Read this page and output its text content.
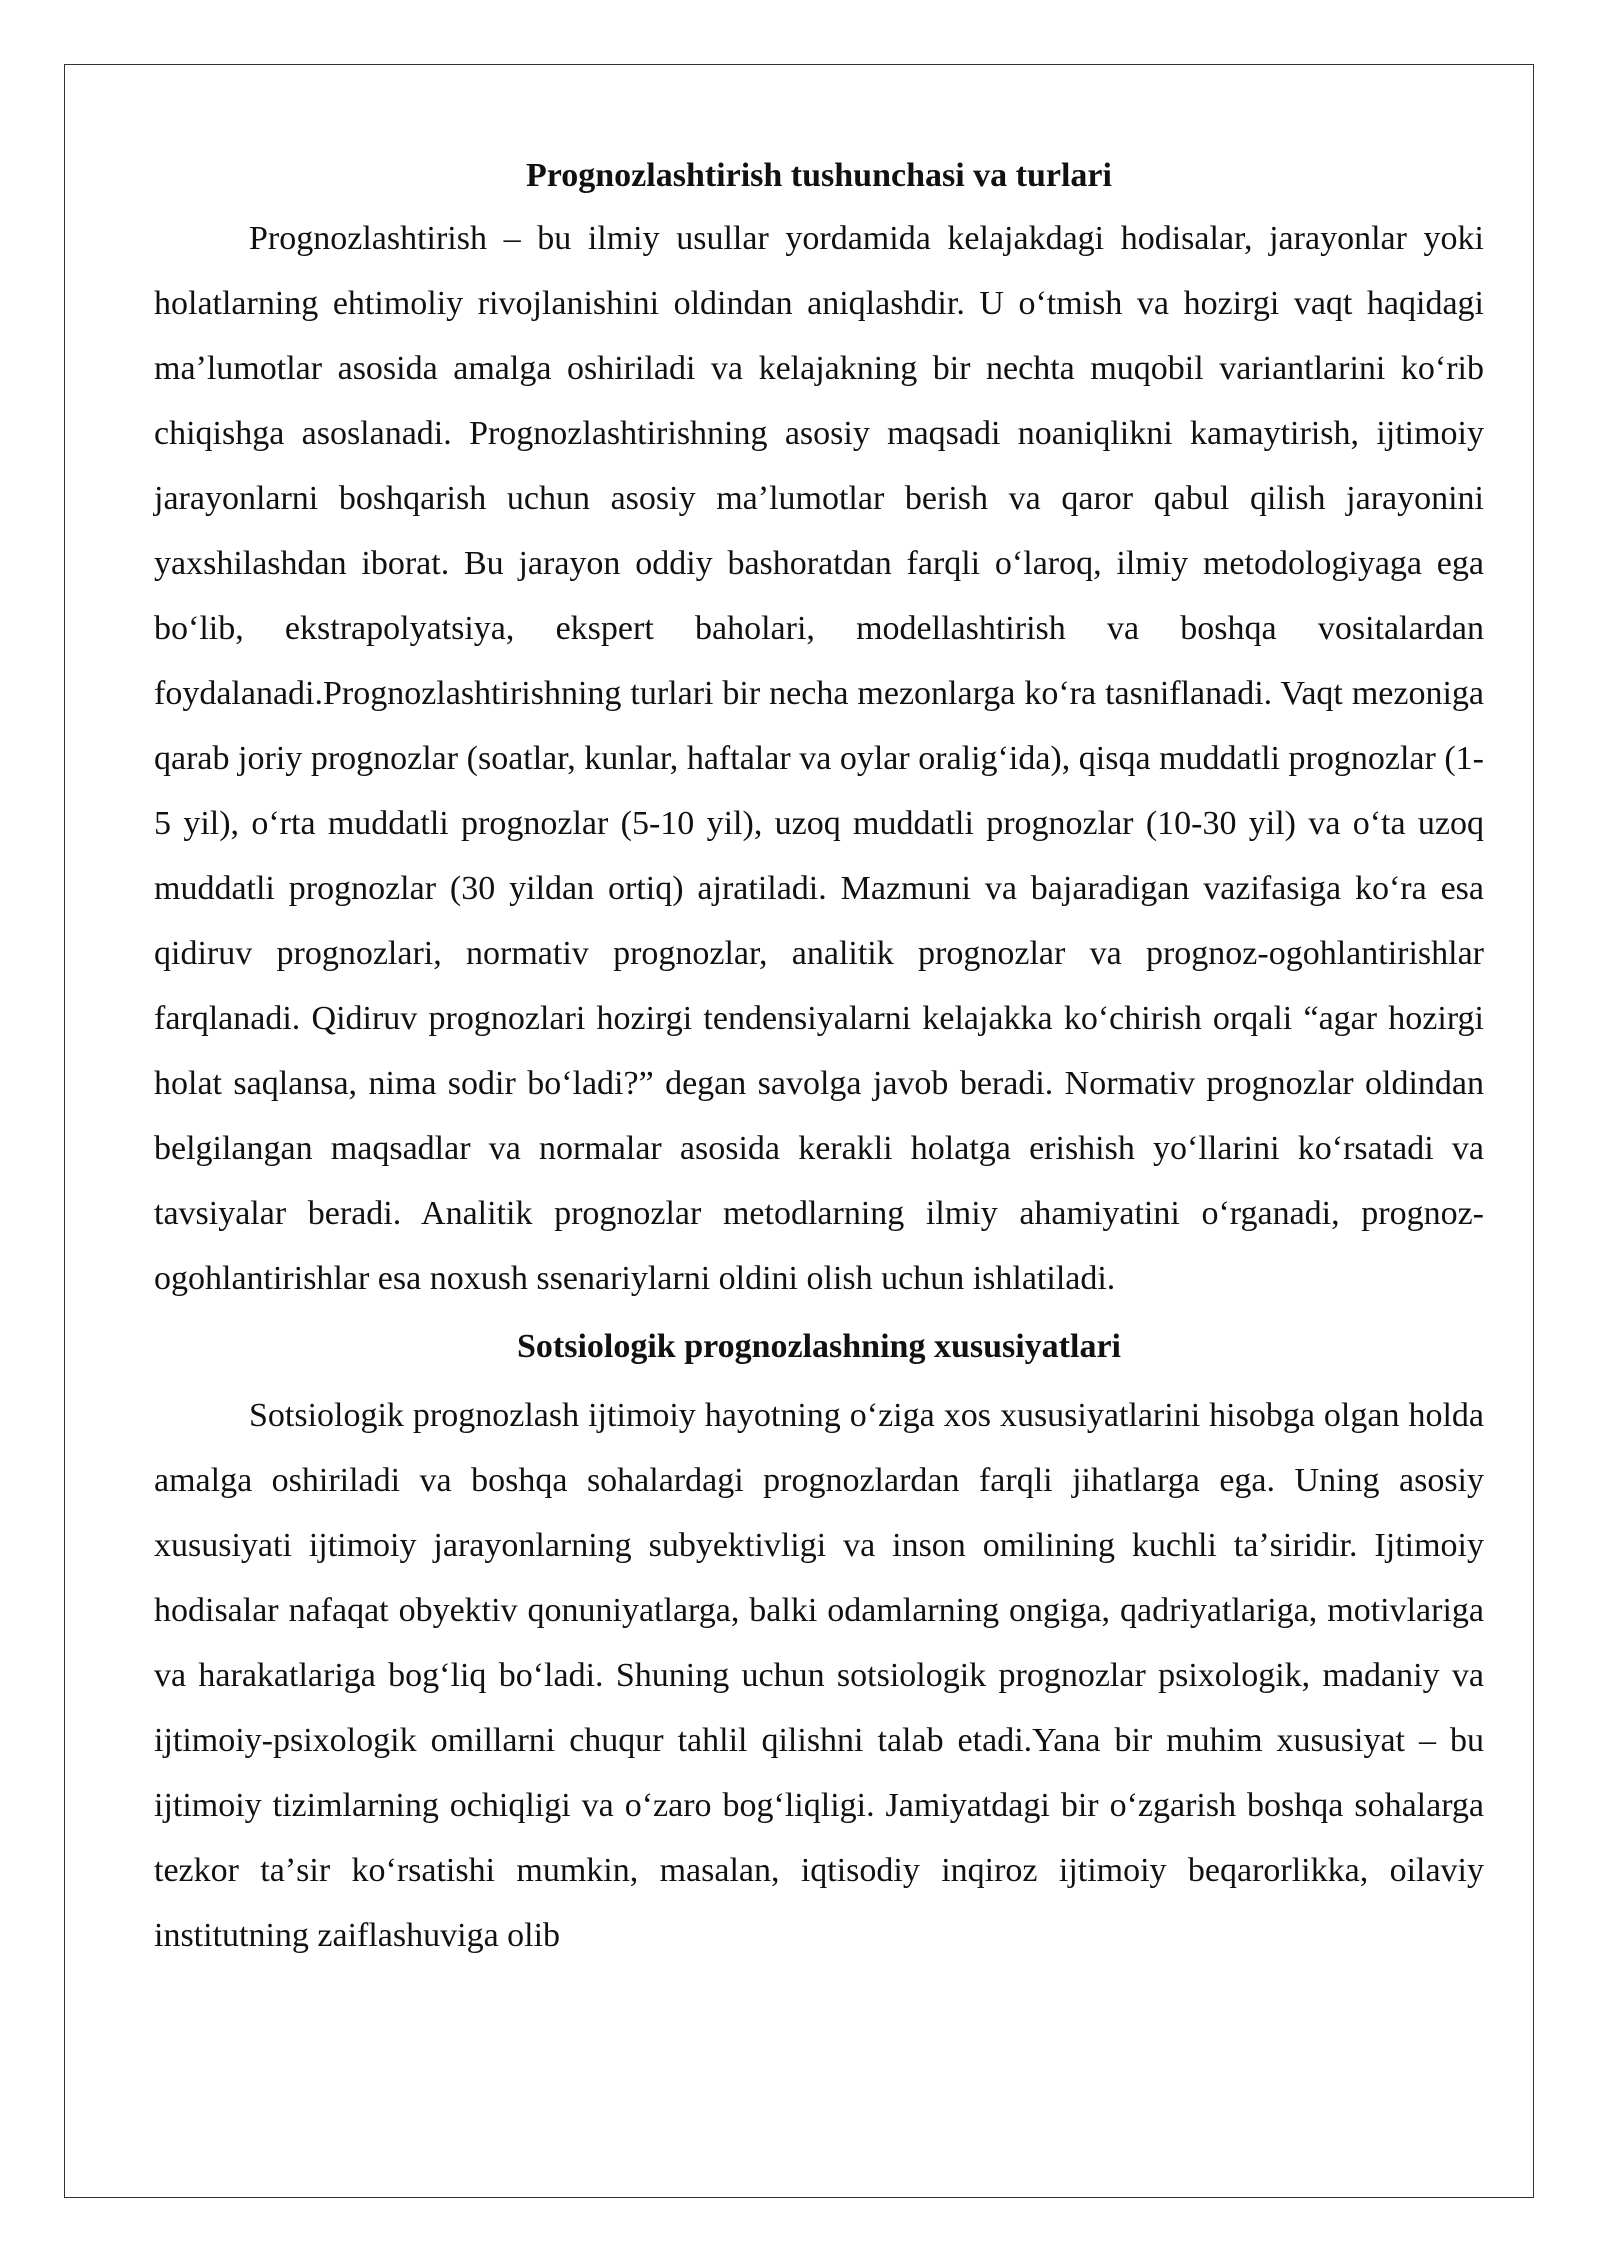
Prognozlashtirish tushunchasi va turlari

Prognozlashtirish – bu ilmiy usullar yordamida kelajakdagi hodisalar, jarayonlar yoki holatlarning ehtimoliy rivojlanishini oldindan aniqlashdir. U oʻtmish va hozirgi vaqt haqidagi maʼlumotlar asosida amalga oshiriladi va kelajakning bir nechta muqobil variantlarini koʻrib chiqishga asoslanadi. Prognozlashtirishning asosiy maqsadi noaniqlikni kamaytirish, ijtimoiy jarayonlarni boshqarish uchun asosiy maʼlumotlar berish va qaror qabul qilish jarayonini yaxshilashdan iborat. Bu jarayon oddiy bashoratdan farqli oʻlaroq, ilmiy metodologiyaga ega boʻlib, ekstrapolyatsiya, ekspert baholari, modellashtirish va boshqa vositalardan foydalanadi.Prognozlashtirishning turlari bir necha mezonlarga koʻra tasniflanadi. Vaqt mezoniga qarab joriy prognozlar (soatlar, kunlar, haftalar va oylar oraligʻida), qisqa muddatli prognozlar (1-5 yil), oʻrta muddatli prognozlar (5-10 yil), uzoq muddatli prognozlar (10-30 yil) va oʻta uzoq muddatli prognozlar (30 yildan ortiq) ajratiladi. Mazmuni va bajaradigan vazifasiga koʻra esa qidiruv prognozlari, normativ prognozlar, analitik prognozlar va prognoz-ogohlantirishlar farqlanadi. Qidiruv prognozlari hozirgi tendensiyalarni kelajakka koʻchirish orqali “agar hozirgi holat saqlansa, nima sodir boʻladi?” degan savolga javob beradi. Normativ prognozlar oldindan belgilangan maqsadlar va normalar asosida kerakli holatga erishish yoʻllarini koʻrsatadi va tavsiyalar beradi. Analitik prognozlar metodlarning ilmiy ahamiyatini oʻrganadi, prognoz-ogohlantirishlar esa noxush ssenariylarni oldini olish uchun ishlatiladi.

Sotsiologik prognozlashning xususiyatlari

Sotsiologik prognozlash ijtimoiy hayotning oʻziga xos xususiyatlarini hisobga olgan holda amalga oshiriladi va boshqa sohalardagi prognozlardan farqli jihatlarga ega. Uning asosiy xususiyati ijtimoiy jarayonlarning subyektivligi va inson omilining kuchli taʼsiridir. Ijtimoiy hodisalar nafaqat obyektiv qonuniyatlarga, balki odamlarning ongiga, qadriyatlariga, motivlariga va harakatlariga bogʻliq boʻladi. Shuning uchun sotsiologik prognozlar psixologik, madaniy va ijtimoiy-psixologik omillarni chuqur tahlil qilishni talab etadi.Yana bir muhim xususiyat – bu ijtimoiy tizimlarning ochiqligi va oʻzaro bogʻliqligi. Jamiyatdagi bir oʻzgarish boshqa sohalarga tezkor taʼsir koʻrsatishi mumkin, masalan, iqtisodiy inqiroz ijtimoiy beqarorlikka, oilaviy institutning zaiflashuviga olib
